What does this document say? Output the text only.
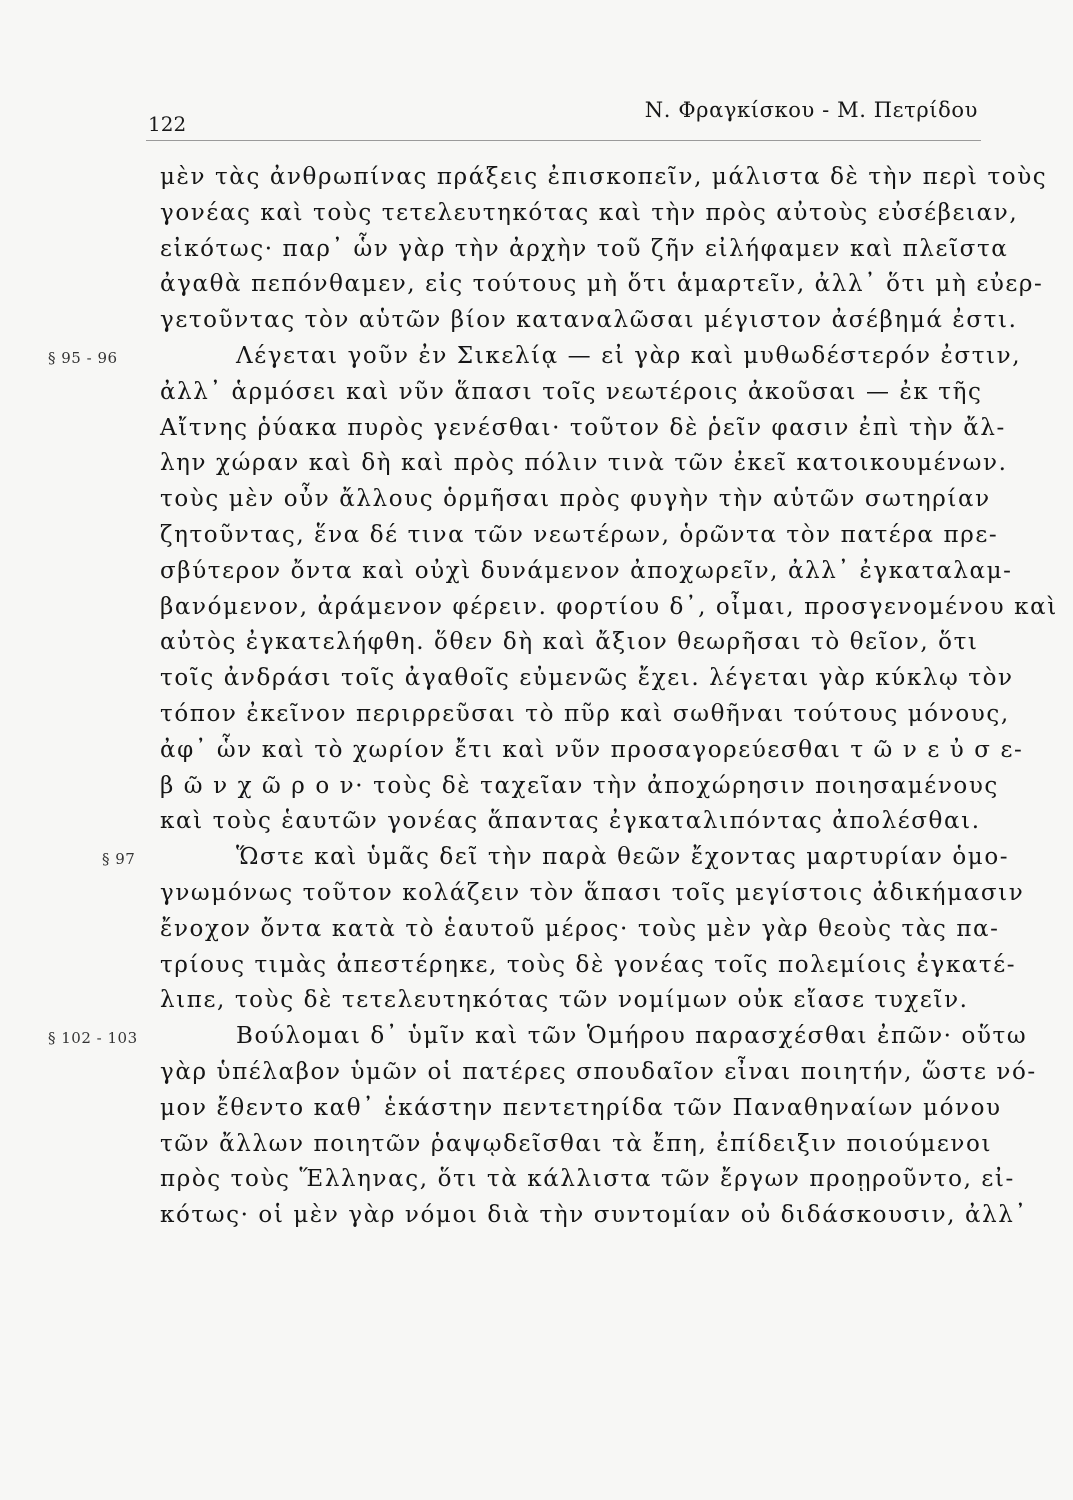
122
Ν. Φραγκίσκου - Μ. Πετρίδου
μὲν τὰς ἀνθρωπίνας πράξεις ἐπισκοπεῖν, μάλιστα δὲ τὴν περὶ τοὺς
γονέας καὶ τοὺς τετελευτηκότας καὶ τὴν πρὸς αὐτοὺς εὐσέβειαν,
εἰκότως· παρ᾽ ὧν γὰρ τὴν ἀρχὴν τοῦ ζῆν εἰλήφαμεν καὶ πλεῖστα
ἀγαθὰ πεπόνθαμεν, εἰς τούτους μὴ ὅτι ἁμαρτεῖν, ἀλλ᾽ ὅτι μὴ εὐερ-
γετοῦντας τὸν αὑτῶν βίον καταναλῶσαι μέγιστον ἀσέβημά ἐστι.
§ 95 - 96	Λέγεται γοῦν ἐν Σικελίᾳ — εἰ γὰρ καὶ μυθωδέστερόν ἐστιν,
ἀλλ᾽ ἁρμόσει καὶ νῦν ἅπασι τοῖς νεωτέροις ἀκοῦσαι — ἐκ τῆς
Αἴτνης ῥύακα πυρὸς γενέσθαι· τοῦτον δὲ ῥεῖν φασιν ἐπὶ τὴν ἄλ-
λην χώραν καὶ δὴ καὶ πρὸς πόλιν τινὰ τῶν ἐκεῖ κατοικουμένων.
τοὺς μὲν οὖν ἄλλους ὁρμῆσαι πρὸς φυγὴν τὴν αὑτῶν σωτηρίαν
ζητοῦντας, ἕνα δέ τινα τῶν νεωτέρων, ὁρῶντα τὸν πατέρα πρε-
σβύτερον ὄντα καὶ οὐχὶ δυνάμενον ἀποχωρεῖν, ἀλλ᾽ ἐγκαταλαμ-
βανόμενον, ἀράμενον φέρειν. φορτίου δ᾽, οἶμαι, προσγενομένου καὶ
αὐτὸς ἐγκατελήφθη. ὅθεν δὴ καὶ ἄξιον θεωρῆσαι τὸ θεῖον, ὅτι
τοῖς ἀνδράσι τοῖς ἀγαθοῖς εὐμενῶς ἔχει. λέγεται γὰρ κύκλῳ τὸν
τόπον ἐκεῖνον περιρρεῦσαι τὸ πῦρ καὶ σωθῆναι τούτους μόνους,
ἀφ᾽ ὧν καὶ τὸ χωρίον ἔτι καὶ νῦν προσαγορεύεσθαι τ ῶ ν ε ὐ σ ε-
β ῶ ν χ ῶ ρ ο ν· τοὺς δὲ ταχεῖαν τὴν ἀποχώρησιν ποιησαμένους
καὶ τοὺς ἑαυτῶν γονέας ἅπαντας ἐγκαταλιπόντας ἀπολέσθαι.
§ 97	Ὥστε καὶ ὑμᾶς δεῖ τὴν παρὰ θεῶν ἔχοντας μαρτυρίαν ὁμο-
γνωμόνως τοῦτον κολάζειν τὸν ἅπασι τοῖς μεγίστοις ἀδικήμασιν
ἔνοχον ὄντα κατὰ τὸ ἑαυτοῦ μέρος· τοὺς μὲν γὰρ θεοὺς τὰς πα-
τρίους τιμὰς ἀπεστέρηκε, τοὺς δὲ γονέας τοῖς πολεμίοις ἐγκατέ-
λιπε, τοὺς δὲ τετελευτηκότας τῶν νομίμων οὐκ εἴασε τυχεῖν.
§ 102 - 103	Βούλομαι δ᾽ ὑμῖν καὶ τῶν Ὁμήρου παρασχέσθαι ἐπῶν· οὕτω
γὰρ ὑπέλαβον ὑμῶν οἱ πατέρες σπουδαῖον εἶναι ποιητήν, ὥστε νό-
μον ἔθεντο καθ᾽ ἑκάστην πεντετηρίδα τῶν Παναθηναίων μόνου
τῶν ἄλλων ποιητῶν ῥαψῳδεῖσθαι τὰ ἔπη, ἐπίδειξιν ποιούμενοι
πρὸς τοὺς Ἕλληνας, ὅτι τὰ κάλλιστα τῶν ἔργων προῃροῦντο, εἰ-
κότως· οἱ μὲν γὰρ νόμοι διὰ τὴν συντομίαν οὐ διδάσκουσιν, ἀλλ᾽
